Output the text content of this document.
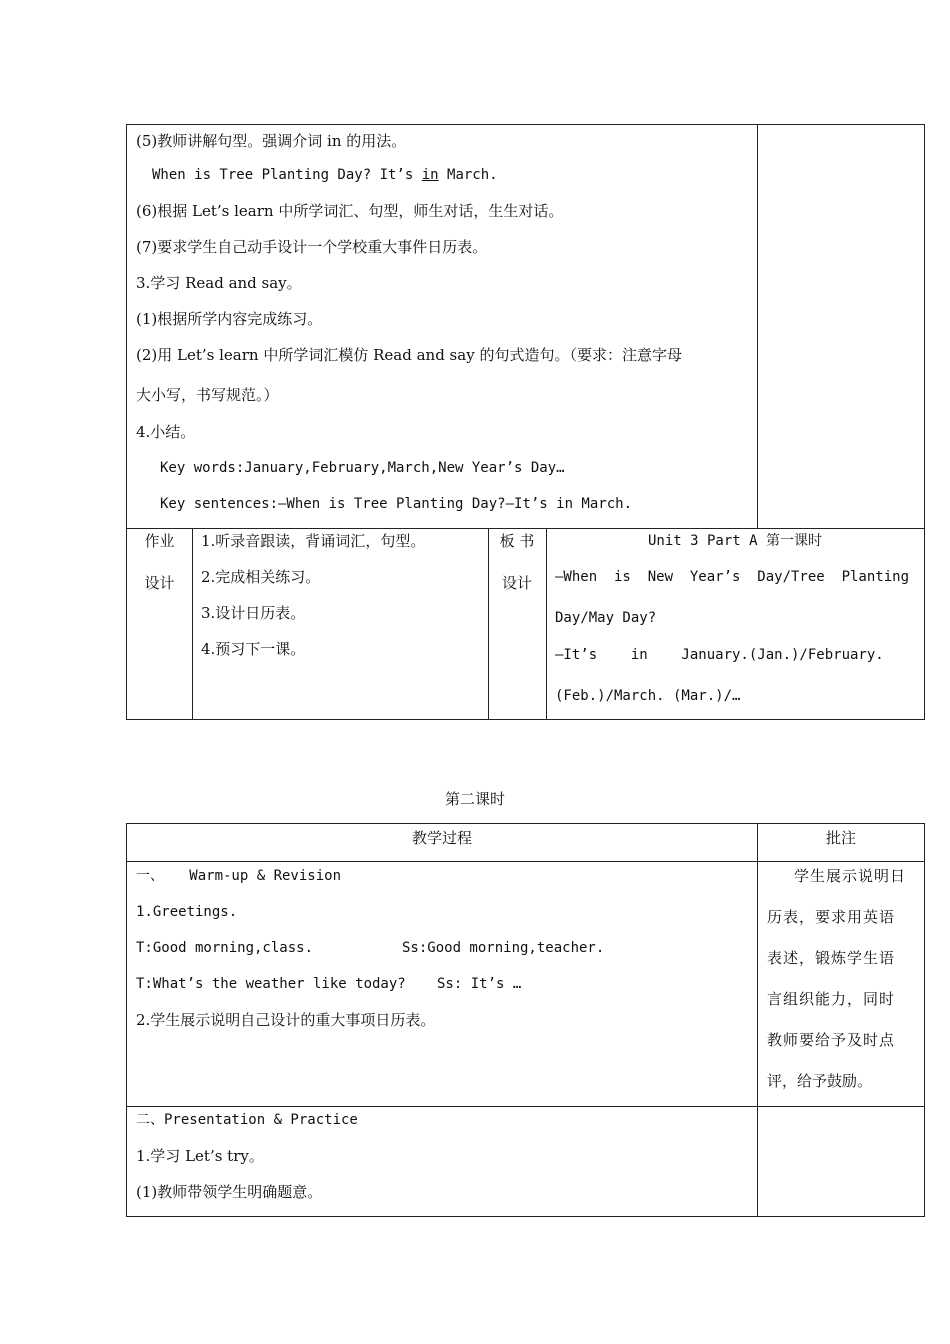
(5)教师讲解句型。强调介词 in 的用法。
When is Tree Planting Day? It’s in March.
(6)根据 Let’s learn 中所学词汇、句型，师生对话，生生对话。
(7)要求学生自己动手设计一个学校重大事件日历表。
3.学习 Read and say。
(1)根据所学内容完成练习。
(2)用 Let’s learn 中所学词汇模仿 Read and say 的句式造句。（要求：注意字母
大小写，书写规范。）
4.小结。
Key words:January,February,March,New Year’s Day…
Key sentences:—When is Tree Planting Day?—It’s in March.
作业
设计
1.听录音跟读，背诵词汇，句型。
2.完成相关练习。
3.设计日历表。
4.预习下一课。
板 书
设计
Unit 3 Part A 第一课时
—When  is  New  Year’s  Day/Tree  Planting
Day/May Day?
—It’s    in    January.(Jan.)/February.
(Feb.)/March. (Mar.)/…
第二课时
教学过程	批注
一、   Warm-up & Revision
1.Greetings.
T:Good morning,class.	Ss:Good morning,teacher.
T:What’s the weather like today? Ss: It’s …
2.学生展示说明自己设计的重大事项日历表。
学生展示说明日
历表，要求用英语
表述，锻炼学生语
言组织能力，同时
教师要给予及时点
评，给予鼓励。
二、Presentation & Practice
1.学习 Let’s try。
(1)教师带领学生明确题意。
